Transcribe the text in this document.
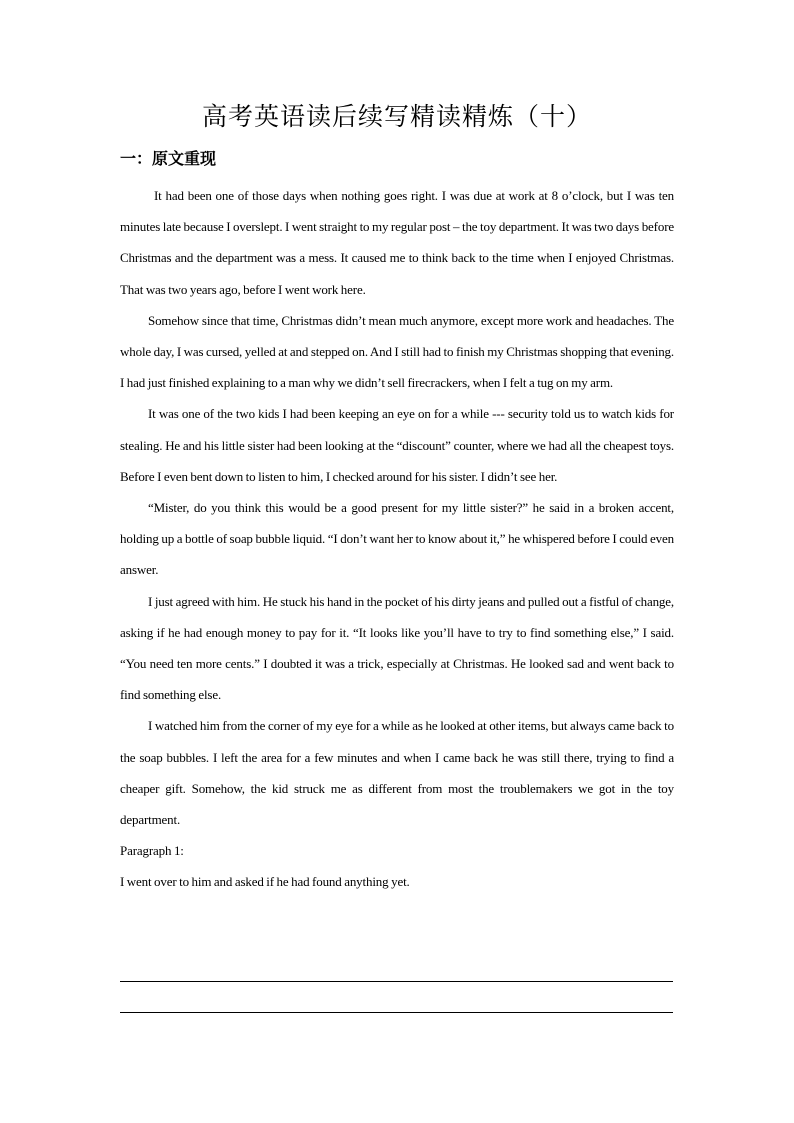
高考英语读后续写精读精炼（十）
一：原文重现

It had been one of those days when nothing goes right. I was due at work at 8 o’clock, but I was ten minutes late because I overslept. I went straight to my regular post – the toy department. It was two days before Christmas and the department was a mess. It caused me to think back to the time when I enjoyed Christmas. That was two years ago, before I went work here.

Somehow since that time, Christmas didn’t mean much anymore, except more work and headaches. The whole day, I was cursed, yelled at and stepped on. And I still had to finish my Christmas shopping that evening. I had just finished explaining to a man why we didn’t sell firecrackers, when I felt a tug on my arm.

It was one of the two kids I had been keeping an eye on for a while --- security told us to watch kids for stealing. He and his little sister had been looking at the “discount” counter, where we had all the cheapest toys. Before I even bent down to listen to him, I checked around for his sister. I didn’t see her.

“Mister, do you think this would be a good present for my little sister?” he said in a broken accent, holding up a bottle of soap bubble liquid. “I don’t want her to know about it,” he whispered before I could even answer.

I just agreed with him. He stuck his hand in the pocket of his dirty jeans and pulled out a fistful of change, asking if he had enough money to pay for it. “It looks like you’ll have to try to find something else,” I said. “You need ten more cents.” I doubted it was a trick, especially at Christmas. He looked sad and went back to find something else.

I watched him from the corner of my eye for a while as he looked at other items, but always came back to the soap bubbles. I left the area for a few minutes and when I came back he was still there, trying to find a cheaper gift. Somehow, the kid struck me as different from most the troublemakers we got in the toy department.

Paragraph 1:

I went over to him and asked if he had found anything yet.
